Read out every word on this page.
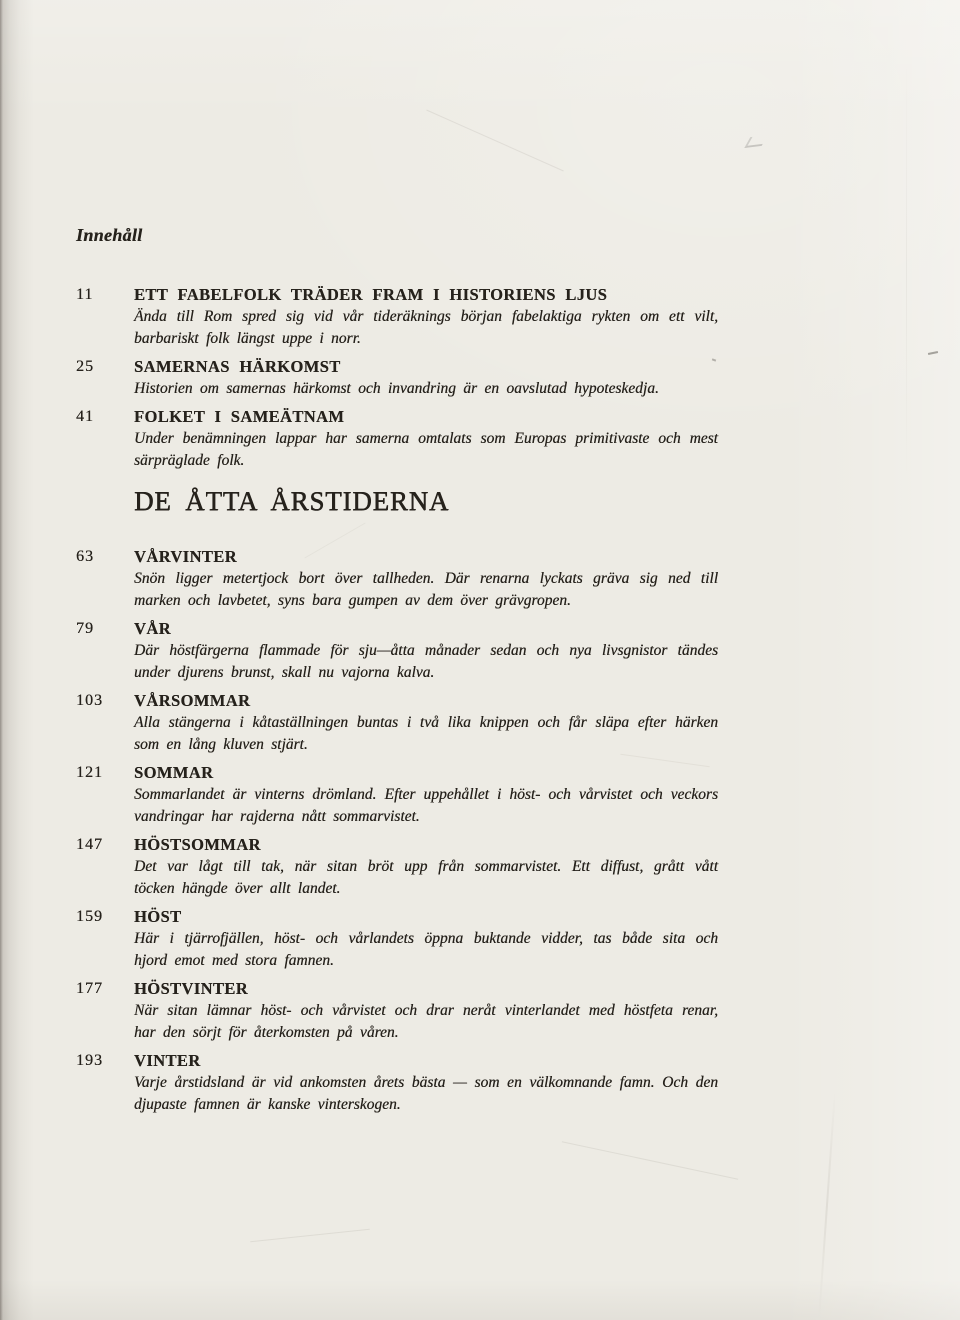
Innehåll
11	ETT FABELFOLK TRÄDER FRAM I HISTORIENS LJUS
Ända till Rom spred sig vid vår tideräknings början fabelaktiga rykten om ett vilt, barbariskt folk längst uppe i norr.
25	SAMERNAS HÄRKOMST
Historien om samernas härkomst och invandring är en oavslutad hypoteskedja.
41	FOLKET I SAMEÄTNAM
Under benämningen lappar har samerna omtalats som Europas primitivaste och mest särpräglade folk.
DE ÅTTA ÅRSTIDERNA
63	VÅRVINTER
Snön ligger metertjock bort över tallheden. Där renarna lyckats gräva sig ned till marken och lavbetet, syns bara gumpen av dem över grävgropen.
79	VÅR
Där höstfärgerna flammade för sju—åtta månader sedan och nya livsgnistor tändes under djurens brunst, skall nu vajorna kalva.
103	VÅRSOMMAR
Alla stängerna i kåtaställningen buntas i två lika knippen och får släpa efter härken som en lång kluven stjärt.
121	SOMMAR
Sommarlandet är vinterns drömland. Efter uppehållet i höst- och vårvistet och veckors vandringar har rajderna nått sommarvistet.
147	HÖSTSOMMAR
Det var lågt till tak, när sitan bröt upp från sommarvistet. Ett diffust, grått vått töcken hängde över allt landet.
159	HÖST
Här i tjärrofjällen, höst- och vårlandets öppna buktande vidder, tas både sita och hjord emot med stora famnen.
177	HÖSTVINTER
När sitan lämnar höst- och vårvistet och drar neråt vinterlandet med höstfeta renar, har den sörjt för återkomsten på våren.
193	VINTER
Varje årstidsland är vid ankomsten årets bästa — som en välkomnande famn. Och den djupaste famnen är kanske vinterskogen.
